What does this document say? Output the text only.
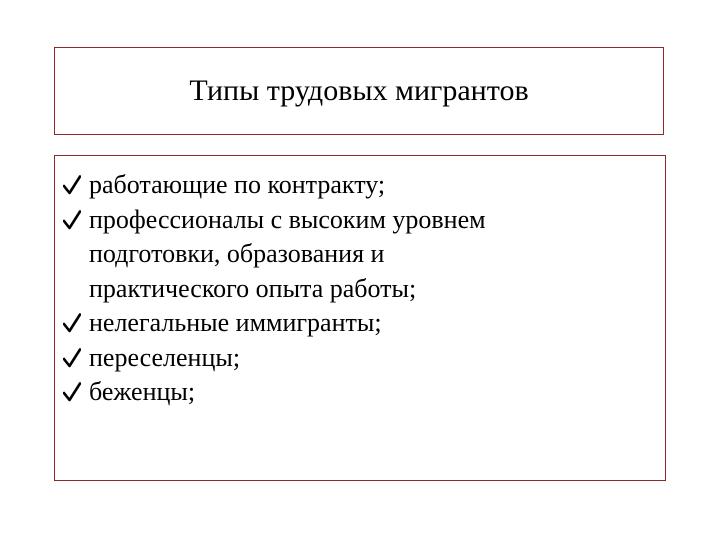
Типы трудовых мигрантов
работающие по контракту;
профессионалы с высоким уровнем
подготовки, образования и
практического опыта работы;
нелегальные иммигранты;
переселенцы;
беженцы;
